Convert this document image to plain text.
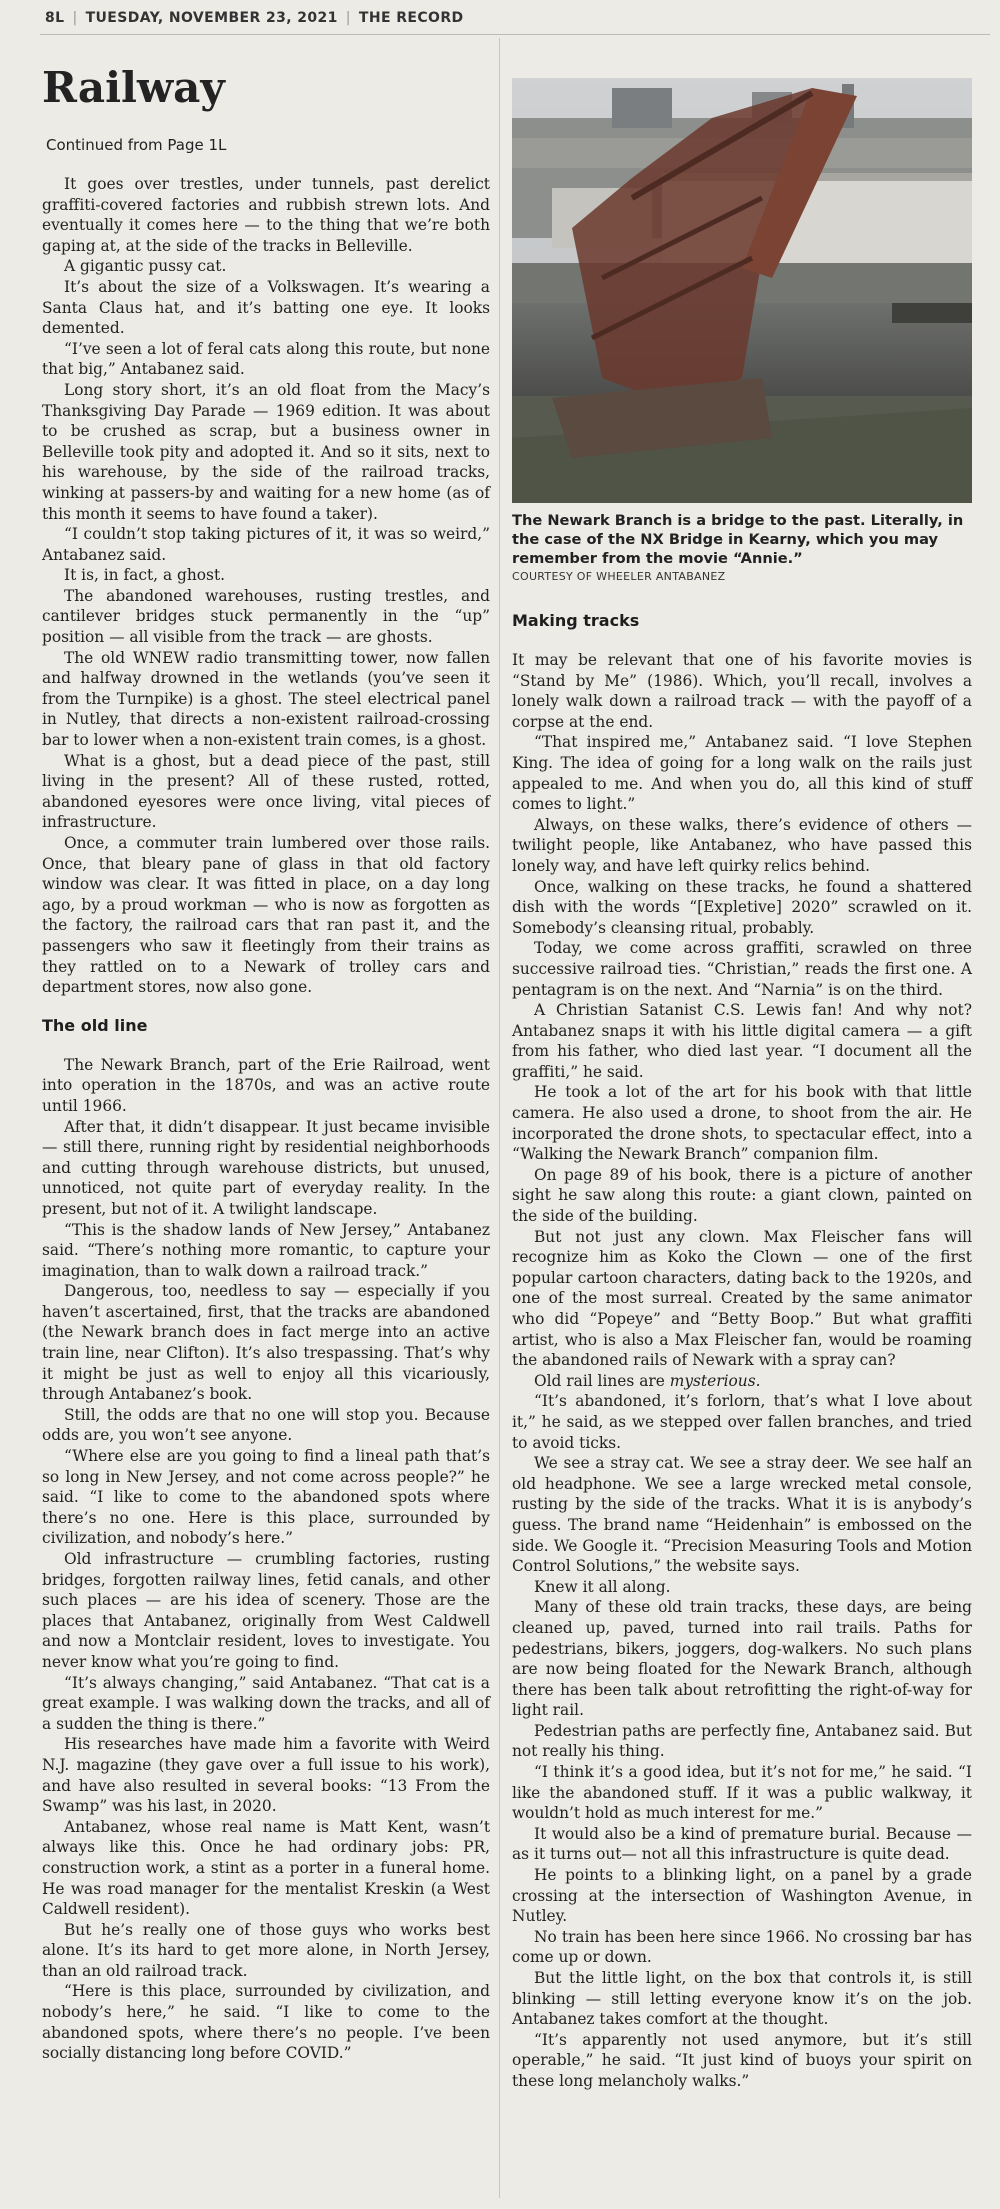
8L | TUESDAY, NOVEMBER 23, 2021 | THE RECORD
Railway
Continued from Page 1L

It goes over trestles, under tunnels, past derelict graffiti-covered factories and rubbish strewn lots. And eventually it comes here — to the thing that we’re both gaping at, at the side of the tracks in Belleville.

A gigantic pussy cat.

It’s about the size of a Volkswagen. It’s wearing a Santa Claus hat, and it’s batting one eye. It looks demented.

“I’ve seen a lot of feral cats along this route, but none that big,” Antabanez said.

Long story short, it’s an old float from the Macy’s Thanksgiving Day Parade — 1969 edition. It was about to be crushed as scrap, but a business owner in Belleville took pity and adopted it. And so it sits, next to his warehouse, by the side of the railroad tracks, winking at passers-by and waiting for a new home (as of this month it seems to have found a taker).

“I couldn’t stop taking pictures of it, it was so weird,” Antabanez said.

It is, in fact, a ghost.

The abandoned warehouses, rusting trestles, and cantilever bridges stuck permanently in the “up” position — all visible from the track — are ghosts.

The old WNEW radio transmitting tower, now fallen and halfway drowned in the wetlands (you’ve seen it from the Turnpike) is a ghost. The steel electrical panel in Nutley, that directs a non-existent railroad-crossing bar to lower when a non-existent train comes, is a ghost.

What is a ghost, but a dead piece of the past, still living in the present? All of these rusted, rotted, abandoned eyesores were once living, vital pieces of infrastructure.

Once, a commuter train lumbered over those rails. Once, that bleary pane of glass in that old factory window was clear. It was fitted in place, on a day long ago, by a proud workman — who is now as forgotten as the factory, the railroad cars that ran past it, and the passengers who saw it fleetingly from their trains as they rattled on to a Newark of trolley cars and department stores, now also gone.

The old line

The Newark Branch, part of the Erie Railroad, went into operation in the 1870s, and was an active route until 1966.

After that, it didn’t disappear. It just became invisible — still there, running right by residential neighborhoods and cutting through warehouse districts, but unused, unnoticed, not quite part of everyday reality. In the present, but not of it. A twilight landscape.

“This is the shadow lands of New Jersey,” Antabanez said. “There’s nothing more romantic, to capture your imagination, than to walk down a railroad track.”

Dangerous, too, needless to say — especially if you haven’t ascertained, first, that the tracks are abandoned (the Newark branch does in fact merge into an active train line, near Clifton). It’s also trespassing. That’s why it might be just as well to enjoy all this vicariously, through Antabanez’s book.

Still, the odds are that no one will stop you. Because odds are, you won’t see anyone.

“Where else are you going to find a lineal path that’s so long in New Jersey, and not come across people?” he said. “I like to come to the abandoned spots where there’s no one. Here is this place, surrounded by civilization, and nobody’s here.”

Old infrastructure — crumbling factories, rusting bridges, forgotten railway lines, fetid canals, and other such places — are his idea of scenery. Those are the places that Antabanez, originally from West Caldwell and now a Montclair resident, loves to investigate. You never know what you’re going to find.

“It’s always changing,” said Antabanez. “That cat is a great example. I was walking down the tracks, and all of a sudden the thing is there.”

His researches have made him a favorite with Weird N.J. magazine (they gave over a full issue to his work), and have also resulted in several books: “13 From the Swamp” was his last, in 2020.

Antabanez, whose real name is Matt Kent, wasn’t always like this. Once he had ordinary jobs: PR, construction work, a stint as a porter in a funeral home. He was road manager for the mentalist Kreskin (a West Caldwell resident).

But he’s really one of those guys who works best alone. It’s its hard to get more alone, in North Jersey, than an old railroad track.

“Here is this place, surrounded by civilization, and nobody’s here,” he said. “I like to come to the abandoned spots, where there’s no people. I’ve been socially distancing long before COVID.”

The Newark Branch is a bridge to the past. Literally, in the case of the NX Bridge in Kearny, which you may remember from the movie “Annie.”
COURTESY OF WHEELER ANTABANEZ
Making tracks

It may be relevant that one of his favorite movies is “Stand by Me” (1986). Which, you’ll recall, involves a lonely walk down a railroad track — with the payoff of a corpse at the end.

“That inspired me,” Antabanez said. “I love Stephen King. The idea of going for a long walk on the rails just appealed to me. And when you do, all this kind of stuff comes to light.”

Always, on these walks, there’s evidence of others — twilight people, like Antabanez, who have passed this lonely way, and have left quirky relics behind.

Once, walking on these tracks, he found a shattered dish with the words “[Expletive] 2020” scrawled on it. Somebody’s cleansing ritual, probably.

Today, we come across graffiti, scrawled on three successive railroad ties. “Christian,” reads the first one. A pentagram is on the next. And “Narnia” is on the third.

A Christian Satanist C.S. Lewis fan! And why not? Antabanez snaps it with his little digital camera — a gift from his father, who died last year. “I document all the graffiti,” he said.

He took a lot of the art for his book with that little camera. He also used a drone, to shoot from the air. He incorporated the drone shots, to spectacular effect, into a “Walking the Newark Branch” companion film.

On page 89 of his book, there is a picture of another sight he saw along this route: a giant clown, painted on the side of the building.

But not just any clown. Max Fleischer fans will recognize him as Koko the Clown — one of the first popular cartoon characters, dating back to the 1920s, and one of the most surreal. Created by the same animator who did “Popeye” and “Betty Boop.” But what graffiti artist, who is also a Max Fleischer fan, would be roaming the abandoned rails of Newark with a spray can?

Old rail lines are mysterious.

“It’s abandoned, it’s forlorn, that’s what I love about it,” he said, as we stepped over fallen branches, and tried to avoid ticks.

We see a stray cat. We see a stray deer. We see half an old headphone. We see a large wrecked metal console, rusting by the side of the tracks. What it is is anybody’s guess. The brand name “Heidenhain” is embossed on the side. We Google it. “Precision Measuring Tools and Motion Control Solutions,” the website says.

Knew it all along.

Many of these old train tracks, these days, are being cleaned up, paved, turned into rail trails. Paths for pedestrians, bikers, joggers, dog-walkers. No such plans are now being floated for the Newark Branch, although there has been talk about retrofitting the right-of-way for light rail.

Pedestrian paths are perfectly fine, Antabanez said. But not really his thing.

“I think it’s a good idea, but it’s not for me,” he said. “I like the abandoned stuff. If it was a public walkway, it wouldn’t hold as much interest for me.”

It would also be a kind of premature burial. Because — as it turns out— not all this infrastructure is quite dead.

He points to a blinking light, on a panel by a grade crossing at the intersection of Washington Avenue, in Nutley.

No train has been here since 1966. No crossing bar has come up or down.

But the little light, on the box that controls it, is still blinking — still letting everyone know it’s on the job. Antabanez takes comfort at the thought.

“It’s apparently not used anymore, but it’s still operable,” he said. “It just kind of buoys your spirit on these long melancholy walks.”
